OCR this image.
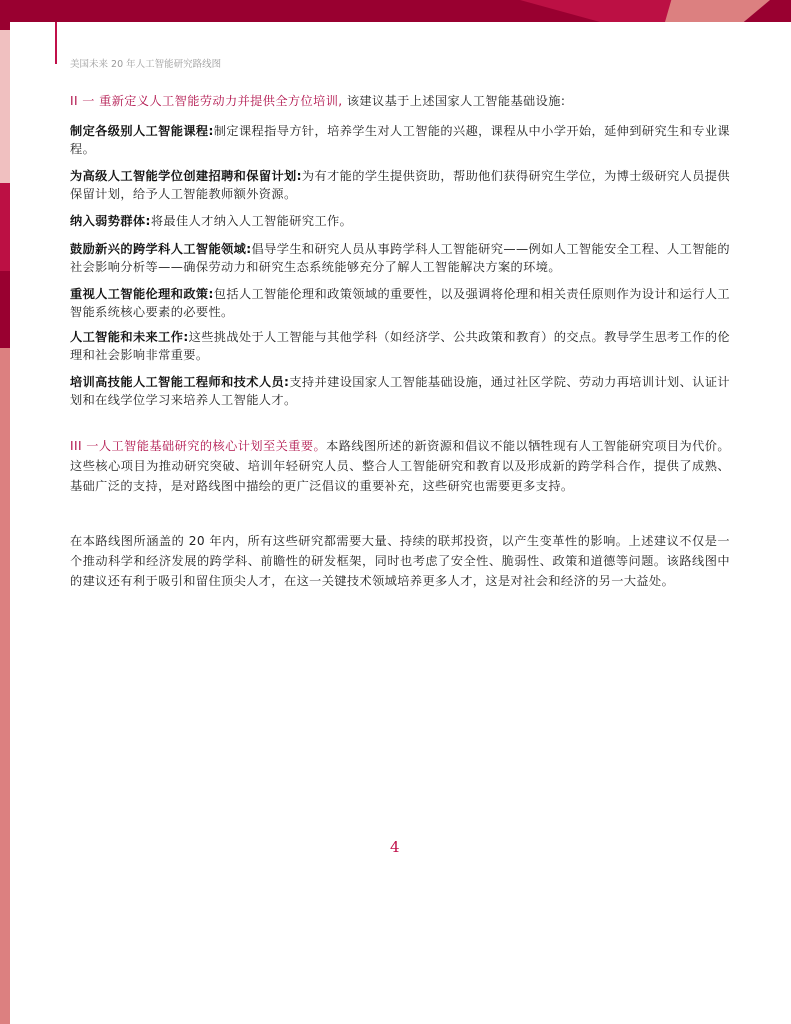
美国未来 20 年人工智能研究路线图
II 一 重新定义人工智能劳动力并提供全方位培训, 该建议基于上述国家人工智能基础设施:
制定各级别人工智能课程:制定课程指导方针，培养学生对人工智能的兴趣，课程从中小学开始，延伸到研究生和专业课程。
为高级人工智能学位创建招聘和保留计划:为有才能的学生提供资助，帮助他们获得研究生学位，为博士级研究人员提供保留计划，给予人工智能教师额外资源。
纳入弱势群体:将最佳人才纳入人工智能研究工作。
鼓励新兴的跨学科人工智能领域:倡导学生和研究人员从事跨学科人工智能研究——例如人工智能安全工程、人工智能的社会影响分析等——确保劳动力和研究生态系统能够充分了解人工智能解决方案的环境。
重视人工智能伦理和政策:包括人工智能伦理和政策领域的重要性，以及强调将伦理和相关责任原则作为设计和运行人工智能系统核心要素的必要性。
人工智能和未来工作:这些挑战处于人工智能与其他学科（如经济学、公共政策和教育）的交点。教导学生思考工作的伦理和社会影响非常重要。
培训高技能人工智能工程师和技术人员:支持并建设国家人工智能基础设施，通过社区学院、劳动力再培训计划、认证计划和在线学位学习来培养人工智能人才。
III 一人工智能基础研究的核心计划至关重要。本路线图所述的新资源和倡议不能以牺牲现有人工智能研究项目为代价。这些核心项目为推动研究突破、培训年轻研究人员、整合人工智能研究和教育以及形成新的跨学科合作，提供了成熟、基础广泛的支持，是对路线图中描绘的更广泛倡议的重要补充，这些研究也需要更多支持。
在本路线图所涵盖的 20 年内，所有这些研究都需要大量、持续的联邦投资，以产生变革性的影响。上述建议不仅是一个推动科学和经济发展的跨学科、前瞻性的研发框架，同时也考虑了安全性、脆弱性、政策和道德等问题。该路线图中的建议还有利于吸引和留住顶尖人才，在这一关键技术领域培养更多人才，这是对社会和经济的另一大益处。
4
